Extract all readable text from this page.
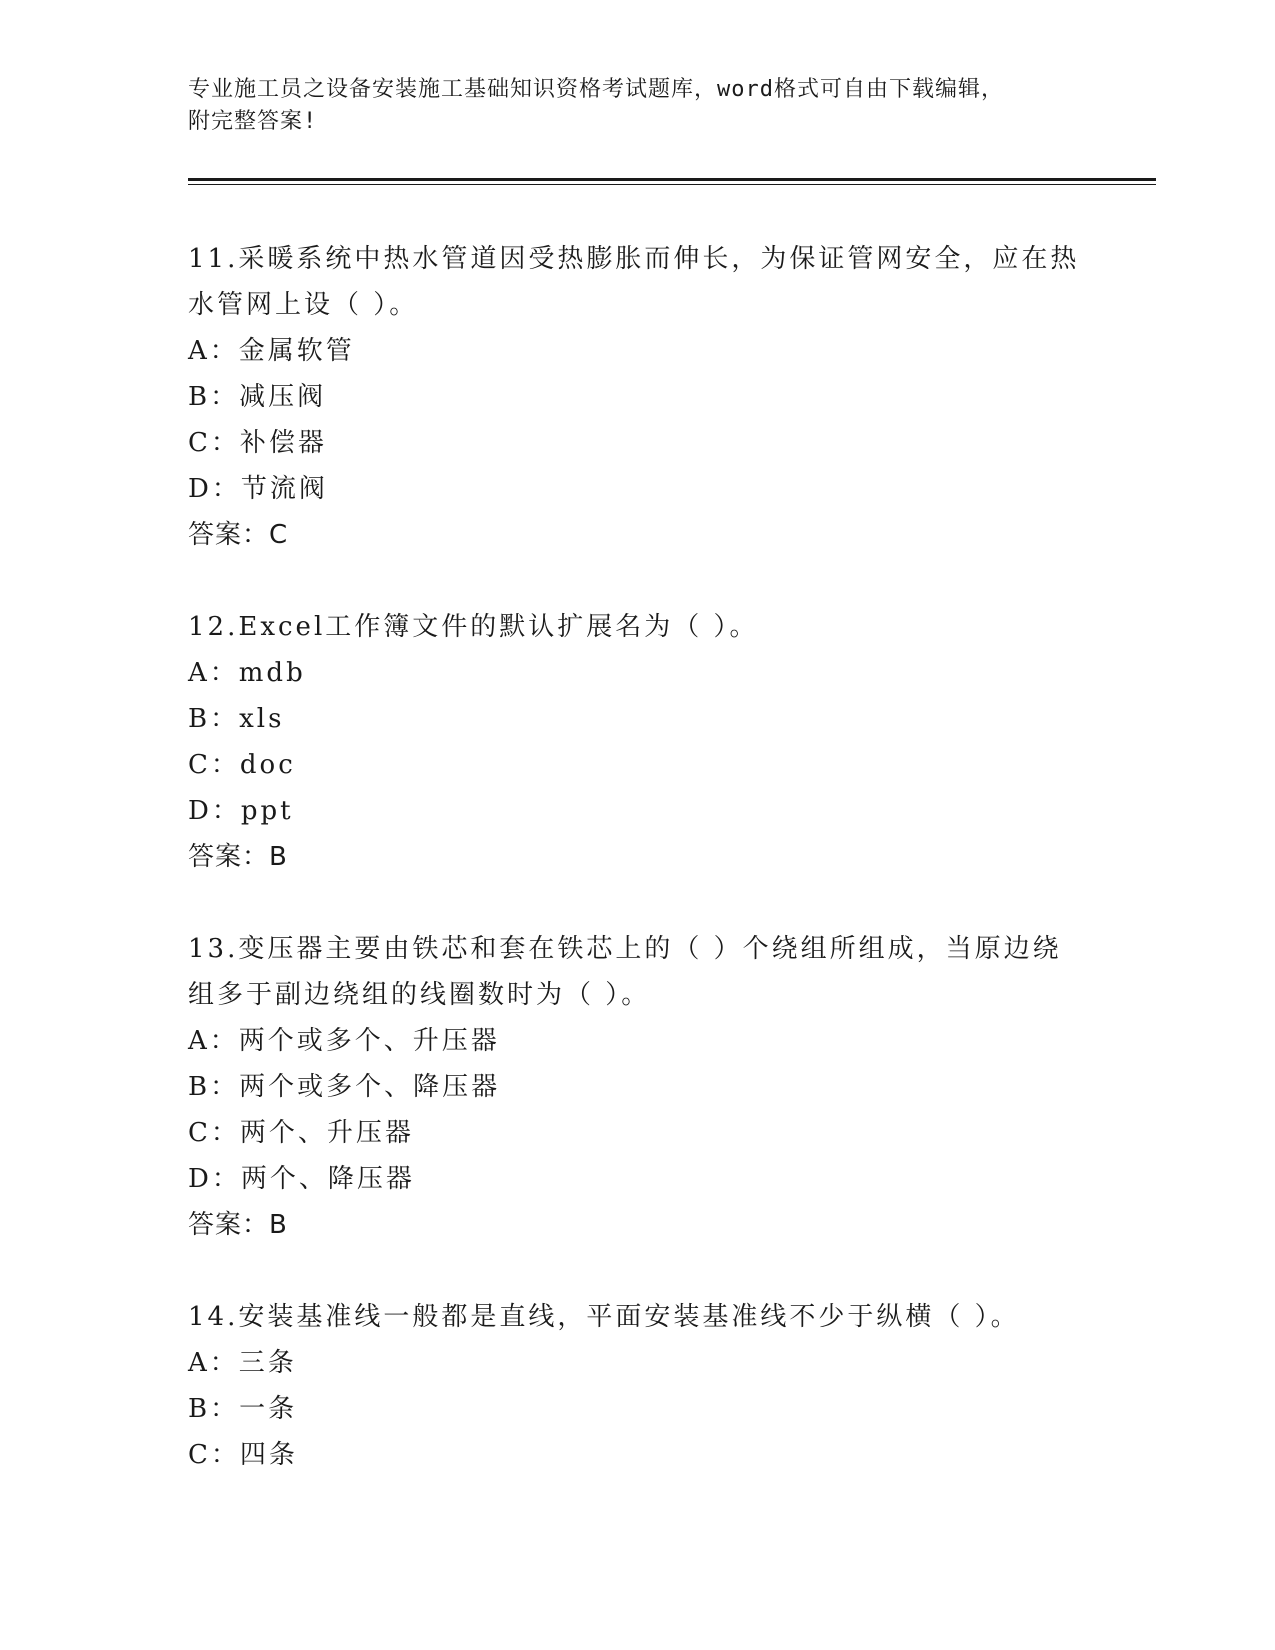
专业施工员之设备安装施工基础知识资格考试题库，word格式可自由下载编辑，
附完整答案!
11.采暖系统中热水管道因受热膨胀而伸长，为保证管网安全，应在热
水管网上设（ ）。
A：金属软管
B：减压阀
C：补偿器
D：节流阀
答案：C
12.Excel工作簿文件的默认扩展名为（ ）。
A：mdb
B：xls
C：doc
D：ppt
答案：B
13.变压器主要由铁芯和套在铁芯上的（ ）个绕组所组成，当原边绕
组多于副边绕组的线圈数时为（ ）。
A：两个或多个、升压器
B：两个或多个、降压器
C：两个、升压器
D：两个、降压器
答案：B
14.安装基准线一般都是直线，平面安装基准线不少于纵横（ ）。
A：三条
B：一条
C：四条
